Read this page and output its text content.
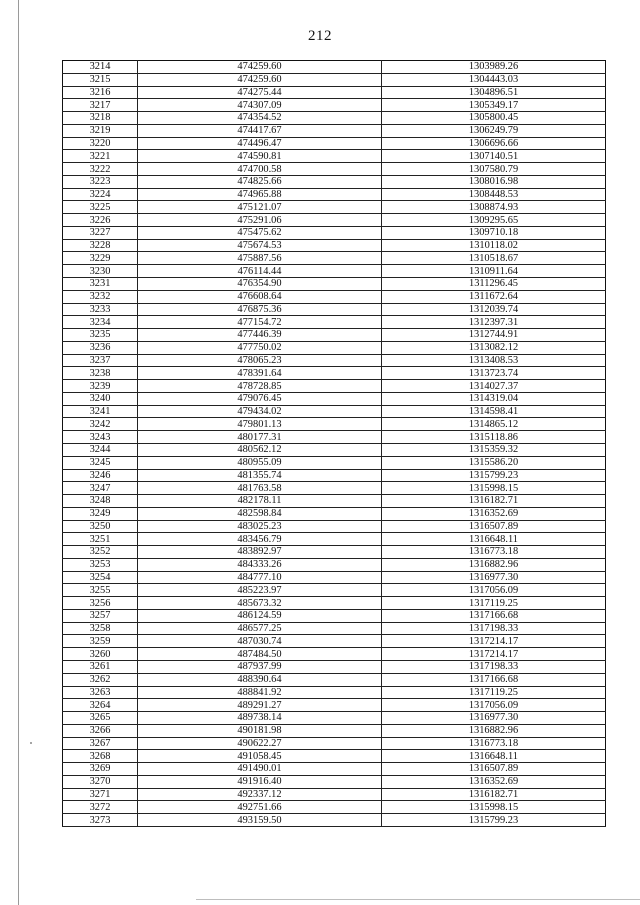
212
3214	474259.60	1303989.26
3215	474259.60	1304443.03
3216	474275.44	1304896.51
3217	474307.09	1305349.17
3218	474354.52	1305800.45
3219	474417.67	1306249.79
3220	474496.47	1306696.66
3221	474590.81	1307140.51
3222	474700.58	1307580.79
3223	474825.66	1308016.98
3224	474965.88	1308448.53
3225	475121.07	1308874.93
3226	475291.06	1309295.65
3227	475475.62	1309710.18
3228	475674.53	1310118.02
3229	475887.56	1310518.67
3230	476114.44	1310911.64
3231	476354.90	1311296.45
3232	476608.64	1311672.64
3233	476875.36	1312039.74
3234	477154.72	1312397.31
3235	477446.39	1312744.91
3236	477750.02	1313082.12
3237	478065.23	1313408.53
3238	478391.64	1313723.74
3239	478728.85	1314027.37
3240	479076.45	1314319.04
3241	479434.02	1314598.41
3242	479801.13	1314865.12
3243	480177.31	1315118.86
3244	480562.12	1315359.32
3245	480955.09	1315586.20
3246	481355.74	1315799.23
3247	481763.58	1315998.15
3248	482178.11	1316182.71
3249	482598.84	1316352.69
3250	483025.23	1316507.89
3251	483456.79	1316648.11
3252	483892.97	1316773.18
3253	484333.26	1316882.96
3254	484777.10	1316977.30
3255	485223.97	1317056.09
3256	485673.32	1317119.25
3257	486124.59	1317166.68
3258	486577.25	1317198.33
3259	487030.74	1317214.17
3260	487484.50	1317214.17
3261	487937.99	1317198.33
3262	488390.64	1317166.68
3263	488841.92	1317119.25
3264	489291.27	1317056.09
3265	489738.14	1316977.30
3266	490181.98	1316882.96
3267	490622.27	1316773.18
3268	491058.45	1316648.11
3269	491490.01	1316507.89
3270	491916.40	1316352.69
3271	492337.12	1316182.71
3272	492751.66	1315998.15
3273	493159.50	1315799.23
